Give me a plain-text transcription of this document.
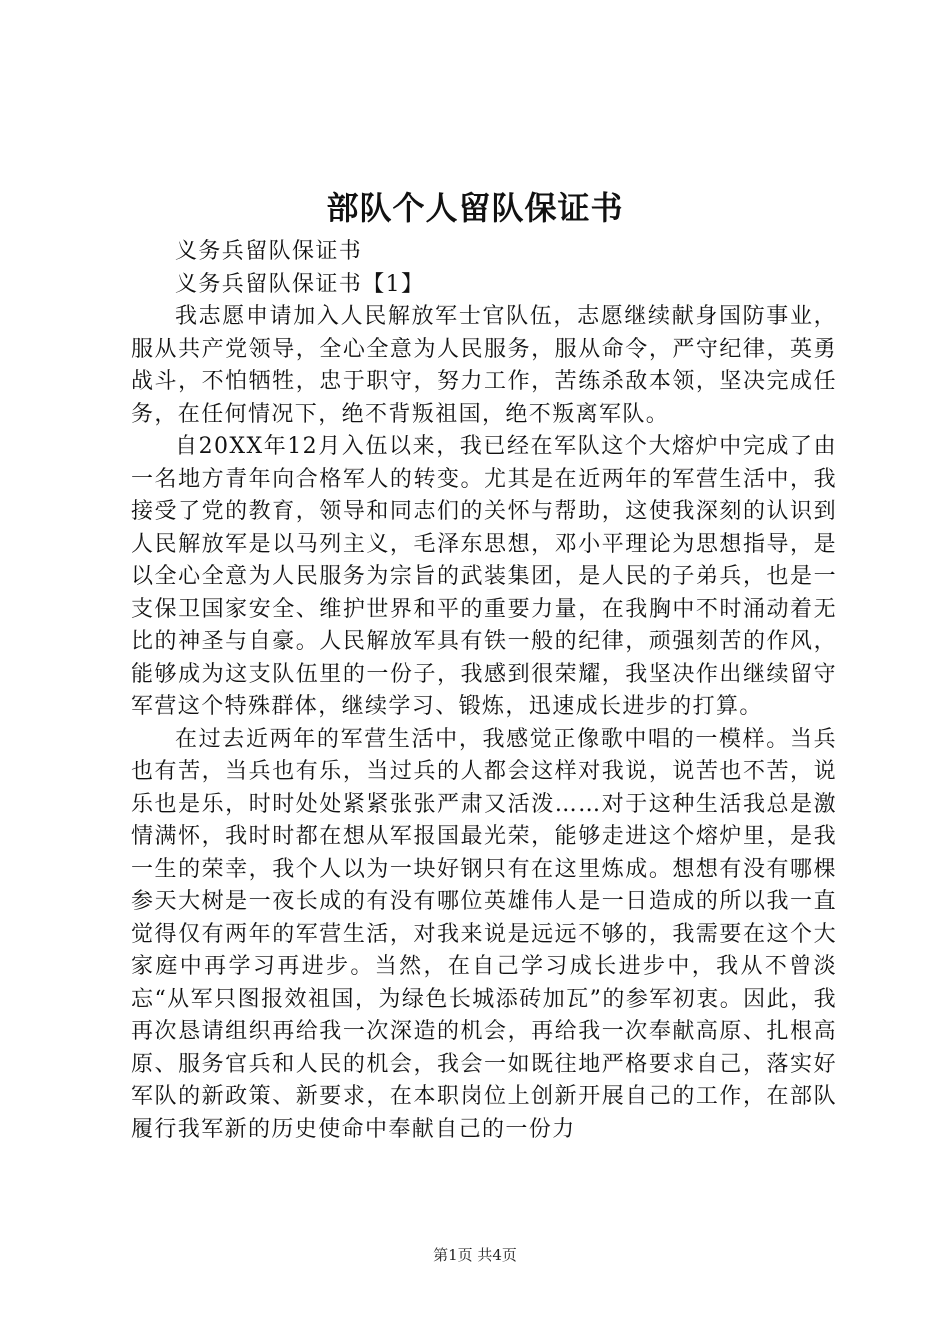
部队个人留队保证书

义务兵留队保证书

义务兵留队保证书【1】

我志愿申请加入人民解放军士官队伍，志愿继续献身国防事业，服从共产党领导，全心全意为人民服务，服从命令，严守纪律，英勇战斗，不怕牺牲，忠于职守，努力工作，苦练杀敌本领，坚决完成任务，在任何情况下，绝不背叛祖国，绝不叛离军队。

自20XX年12月入伍以来，我已经在军队这个大熔炉中完成了由一名地方青年向合格军人的转变。尤其是在近两年的军营生活中，我接受了党的教育，领导和同志们的关怀与帮助，这使我深刻的认识到人民解放军是以马列主义，毛泽东思想，邓小平理论为思想指导，是以全心全意为人民服务为宗旨的武装集团，是人民的子弟兵，也是一支保卫国家安全、维护世界和平的重要力量，在我胸中不时涌动着无比的神圣与自豪。人民解放军具有铁一般的纪律，顽强刻苦的作风，能够成为这支队伍里的一份子，我感到很荣耀，我坚决作出继续留守军营这个特殊群体，继续学习、锻炼，迅速成长进步的打算。

在过去近两年的军营生活中，我感觉正像歌中唱的一模样。当兵也有苦，当兵也有乐，当过兵的人都会这样对我说，说苦也不苦，说乐也是乐，时时处处紧紧张张严肃又活泼……对于这种生活我总是激情满怀，我时时都在想从军报国最光荣，能够走进这个熔炉里，是我一生的荣幸，我个人以为一块好钢只有在这里炼成。想想有没有哪棵参天大树是一夜长成的有没有哪位英雄伟人是一日造成的所以我一直觉得仅有两年的军营生活，对我来说是远远不够的，我需要在这个大家庭中再学习再进步。当然，在自己学习成长进步中，我从不曾淡忘“从军只图报效祖国，为绿色长城添砖加瓦”的参军初衷。因此，我再次恳请组织再给我一次深造的机会，再给我一次奉献高原、扎根高原、服务官兵和人民的机会，我会一如既往地严格要求自己，落实好军队的新政策、新要求，在本职岗位上创新开展自己的工作，在部队履行我军新的历史使命中奉献自己的一份力

第1页 共4页
